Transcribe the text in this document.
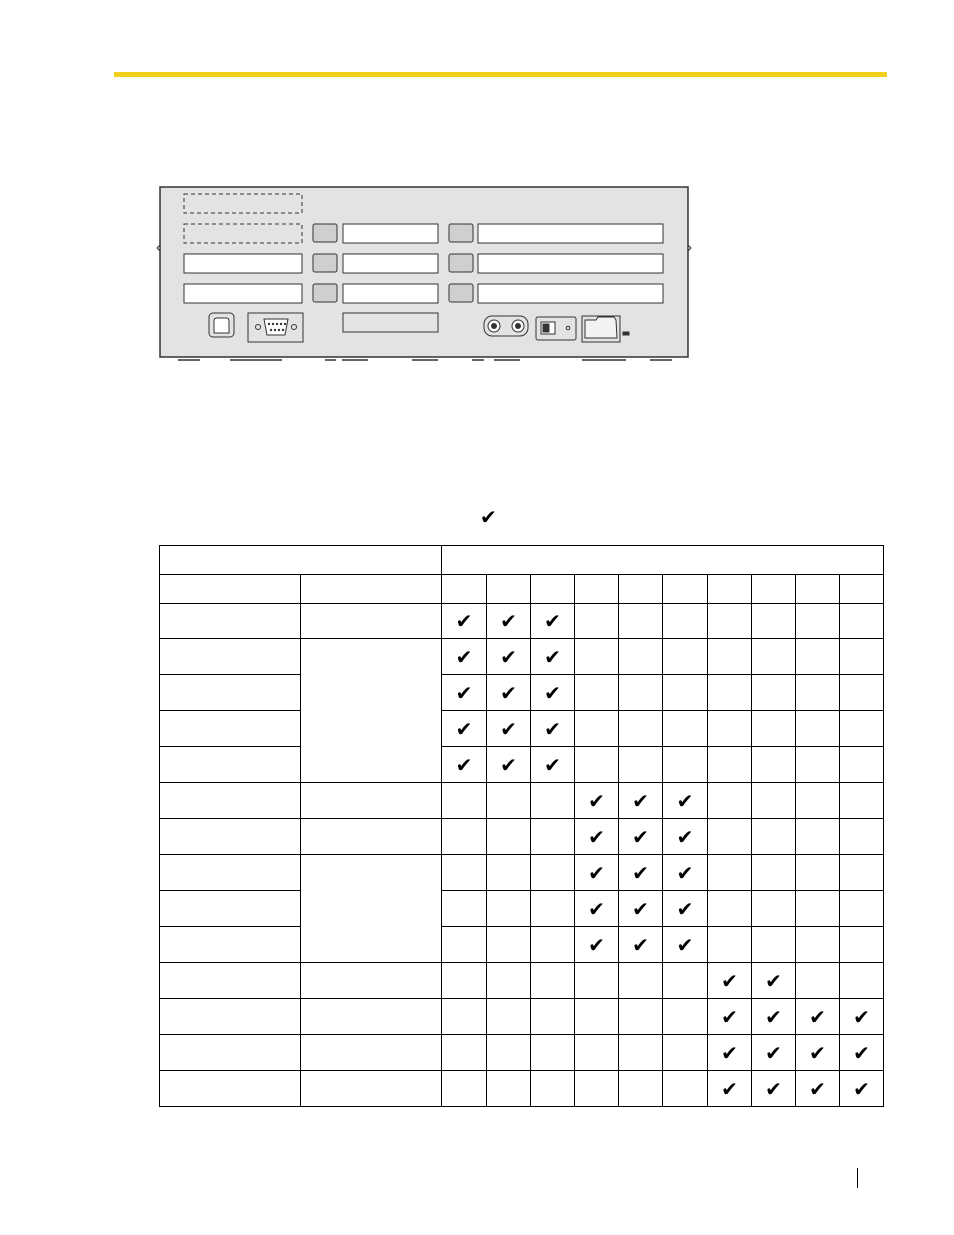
✔

		✔	✔	✔							
		✔	✔	✔							
		✔	✔	✔							
		✔	✔	✔							
		✔	✔	✔							
					✔	✔	✔				
					✔	✔	✔				
					✔	✔	✔				
					✔	✔	✔				
					✔	✔	✔				
								✔	✔		
								✔	✔	✔	✔
								✔	✔	✔	✔
								✔	✔	✔	✔
